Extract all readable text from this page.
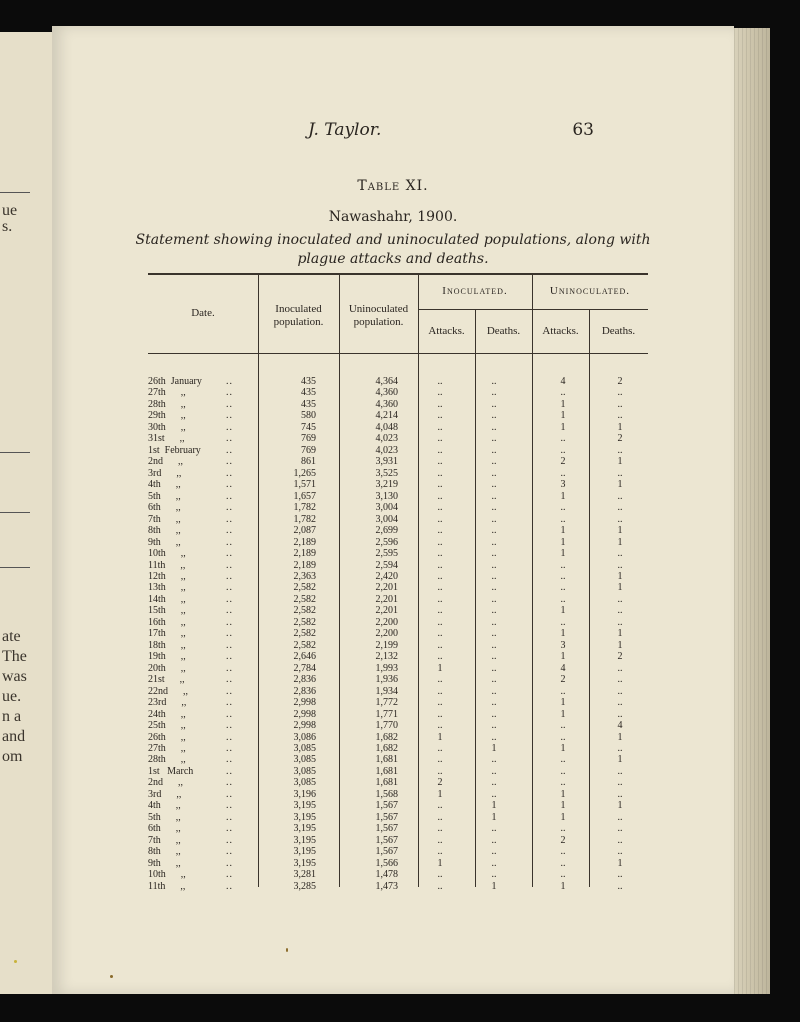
ue
s.
ate
The
was
ue.
n a
and
om
J. Taylor.	63
Table XI.
Nawashahr, 1900.
Statement showing inoculated and uninoculated populations, along with
plague attacks and deaths.
Date.	Inoculated
population.
Uninoculated
population.
Inoculated.	Uninoculated.
Attacks.	Deaths.	Attacks.	Deaths.
26th  January	435	4,364	..	..	4	2
..
27th      ,,	435	4,360	..	..	..	..
..
28th      ,,	435	4,360	..	..	1	..
..
29th      ,,	580	4,214	..	..	1	..
..
30th      ,,	745	4,048	..	..	1	1
..
31st      ,,	769	4,023	..	..	..	2
..
1st  February	769	4,023	..	..	..	..
..
2nd      ,,	861	3,931	..	..	2	1
..
3rd      ,,	1,265	3,525	..	..	..	..
..
4th      ,,	1,571	3,219	..	..	3	1
..
5th      ,,	1,657	3,130	..	..	1	..
..
6th      ,,	1,782	3,004	..	..	..	..
..
7th      ,,	1,782	3,004	..	..	..	..
..
8th      ,,	2,087	2,699	..	..	1	1
..
9th      ,,	2,189	2,596	..	..	1	1
..
10th      ,,	2,189	2,595	..	..	1	..
..
11th      ,,	2,189	2,594	..	..	..	..
..
12th      ,,	2,363	2,420	..	..	..	1
..
13th      ,,	2,582	2,201	..	..	..	1
..
14th      ,,	2,582	2,201	..	..	..	..
..
15th      ,,	2,582	2,201	..	..	1	..
..
16th      ,,	2,582	2,200	..	..	..	..
..
17th      ,,	2,582	2,200	..	..	1	1
..
18th      ,,	2,582	2,199	..	..	3	1
..
19th      ,,	2,646	2,132	..	..	1	2
..
20th      ,,	2,784	1,993	1	..	4	..
..
21st      ,,	2,836	1,936	..	..	2	..
..
22nd      ,,	2,836	1,934	..	..	..	..
..
23rd      ,,	2,998	1,772	..	..	1	..
..
24th      ,,	2,998	1,771	..	..	1	..
..
25th      ,,	2,998	1,770	..	..	..	4
..
26th      ,,	3,086	1,682	1	..	..	1
..
27th      ,,	3,085	1,682	..	1	1	..
..
28th      ,,	3,085	1,681	..	..	..	1
..
1st   March	3,085	1,681	..	..	..	..
..
2nd      ,,	3,085	1,681	2	..	..	..
..
3rd      ,,	3,196	1,568	1	..	1	..
..
4th      ,,	3,195	1,567	..	1	1	1
..
5th      ,,	3,195	1,567	..	1	1	..
..
6th      ,,	3,195	1,567	..	..	..	..
..
7th      ,,	3,195	1,567	..	..	2	..
..
8th      ,,	3,195	1,567	..	..	..	..
..
9th      ,,	3,195	1,566	1	..	..	1
..
10th      ,,	3,281	1,478	..	..	..	..
..
11th      ,,	3,285	1,473	..	1	1	..
..
